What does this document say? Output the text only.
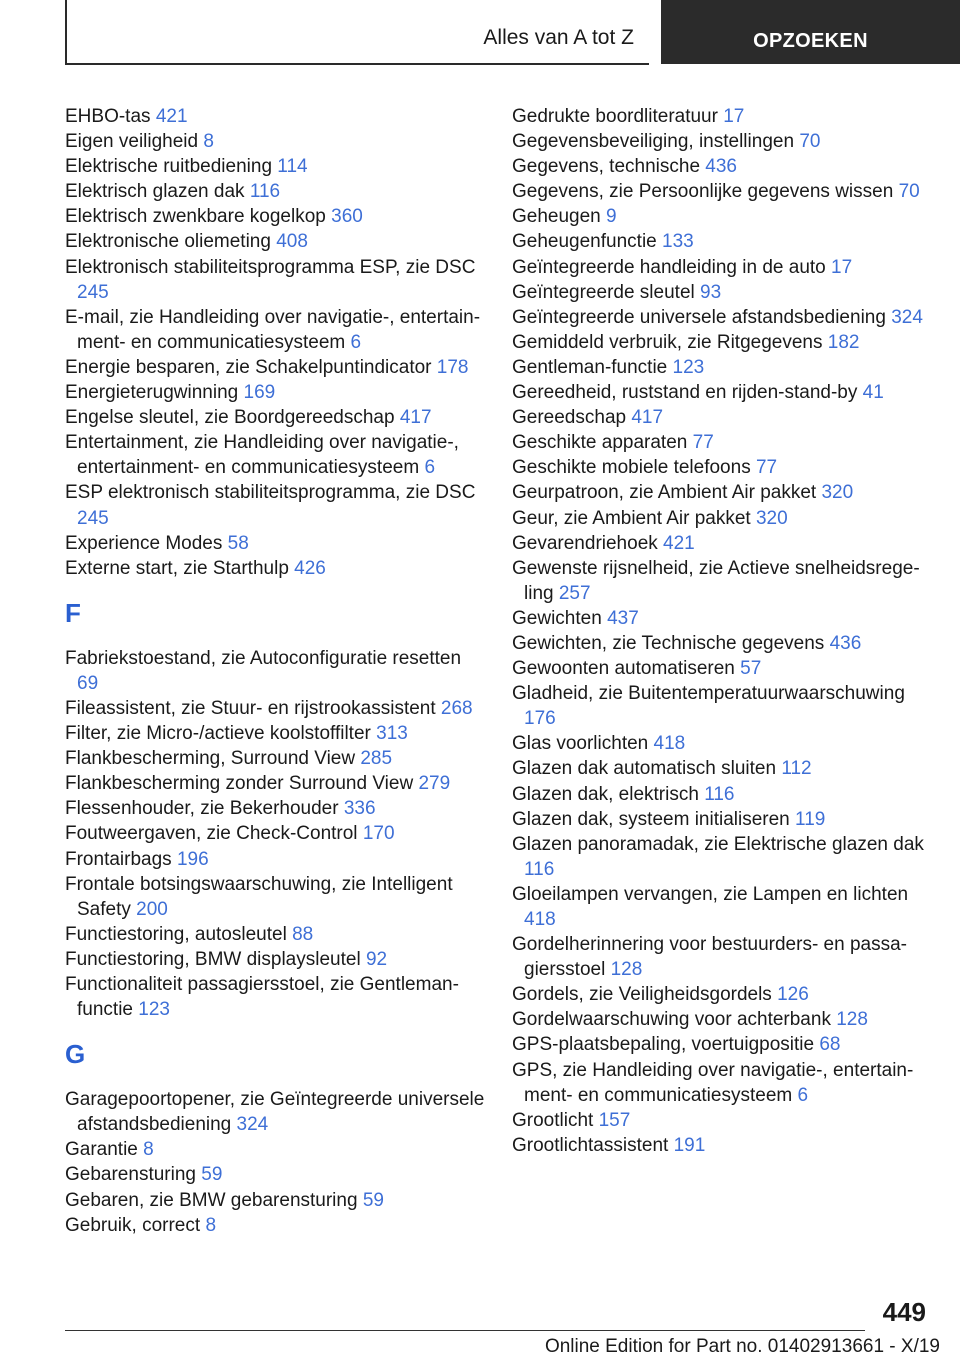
Alles van A tot Z	OPZOEKEN
EHBO-tas 421
Eigen veiligheid 8
Elektrische ruitbediening 114
Elektrisch glazen dak 116
Elektrisch zwenkbare kogelkop 360
Elektronische oliemeting 408
Elektronisch stabiliteitsprogramma ESP, zie DSC 245
E-mail, zie Handleiding over navigatie-, entertainment- en communicatiesysteem 6
Energie besparen, zie Schakelpuntindicator 178
Energieterugwinning 169
Engelse sleutel, zie Boordgereedschap 417
Entertainment, zie Handleiding over navigatie-, entertainment- en communicatiesysteem 6
ESP elektronisch stabiliteitsprogramma, zie DSC 245
Experience Modes 58
Externe start, zie Starthulp 426
F
Fabriekstoestand, zie Autoconfiguratie resetten 69
Fileassistent, zie Stuur- en rijstrookassistent 268
Filter, zie Micro-/actieve koolstoffilter 313
Flankbescherming, Surround View 285
Flankbescherming zonder Surround View 279
Flessenhouder, zie Bekerhouder 336
Foutweergaven, zie Check-Control 170
Frontairbags 196
Frontale botsingswaarschuwing, zie Intelligent Safety 200
Functiestoring, autosleutel 88
Functiestoring, BMW displaysleutel 92
Functionaliteit passagiersstoel, zie Gentleman-functie 123
G
Garagepoortopener, zie Geïntegreerde universele afstandsbediening 324
Garantie 8
Gebarensturing 59
Gebaren, zie BMW gebarensturing 59
Gebruik, correct 8
Gedrukte boordliteratuur 17
Gegevensbeveiliging, instellingen 70
Gegevens, technische 436
Gegevens, zie Persoonlijke gegevens wissen 70
Geheugen 9
Geheugenfunctie 133
Geïntegreerde handleiding in de auto 17
Geïntegreerde sleutel 93
Geïntegreerde universele afstandsbediening 324
Gemiddeld verbruik, zie Ritgegevens 182
Gentleman-functie 123
Gereedheid, ruststand en rijden-stand-by 41
Gereedschap 417
Geschikte apparaten 77
Geschikte mobiele telefoons 77
Geurpatroon, zie Ambient Air pakket 320
Geur, zie Ambient Air pakket 320
Gevarendriehoek 421
Gewenste rijsnelheid, zie Actieve snelheidsregeling 257
Gewichten 437
Gewichten, zie Technische gegevens 436
Gewoonten automatiseren 57
Gladheid, zie Buitentemperatuurwaarschuwing 176
Glas voorlichten 418
Glazen dak automatisch sluiten 112
Glazen dak, elektrisch 116
Glazen dak, systeem initialiseren 119
Glazen panoramadak, zie Elektrische glazen dak 116
Gloeilampen vervangen, zie Lampen en lichten 418
Gordelherinnering voor bestuurders- en passagiersstoel 128
Gordels, zie Veiligheidsgordels 126
Gordelwaarschuwing voor achterbank 128
GPS-plaatsbepaling, voertuigpositie 68
GPS, zie Handleiding over navigatie-, entertainment- en communicatiesysteem 6
Grootlicht 157
Grootlichtassistent 191
449
Online Edition for Part no. 01402913661 - X/19
